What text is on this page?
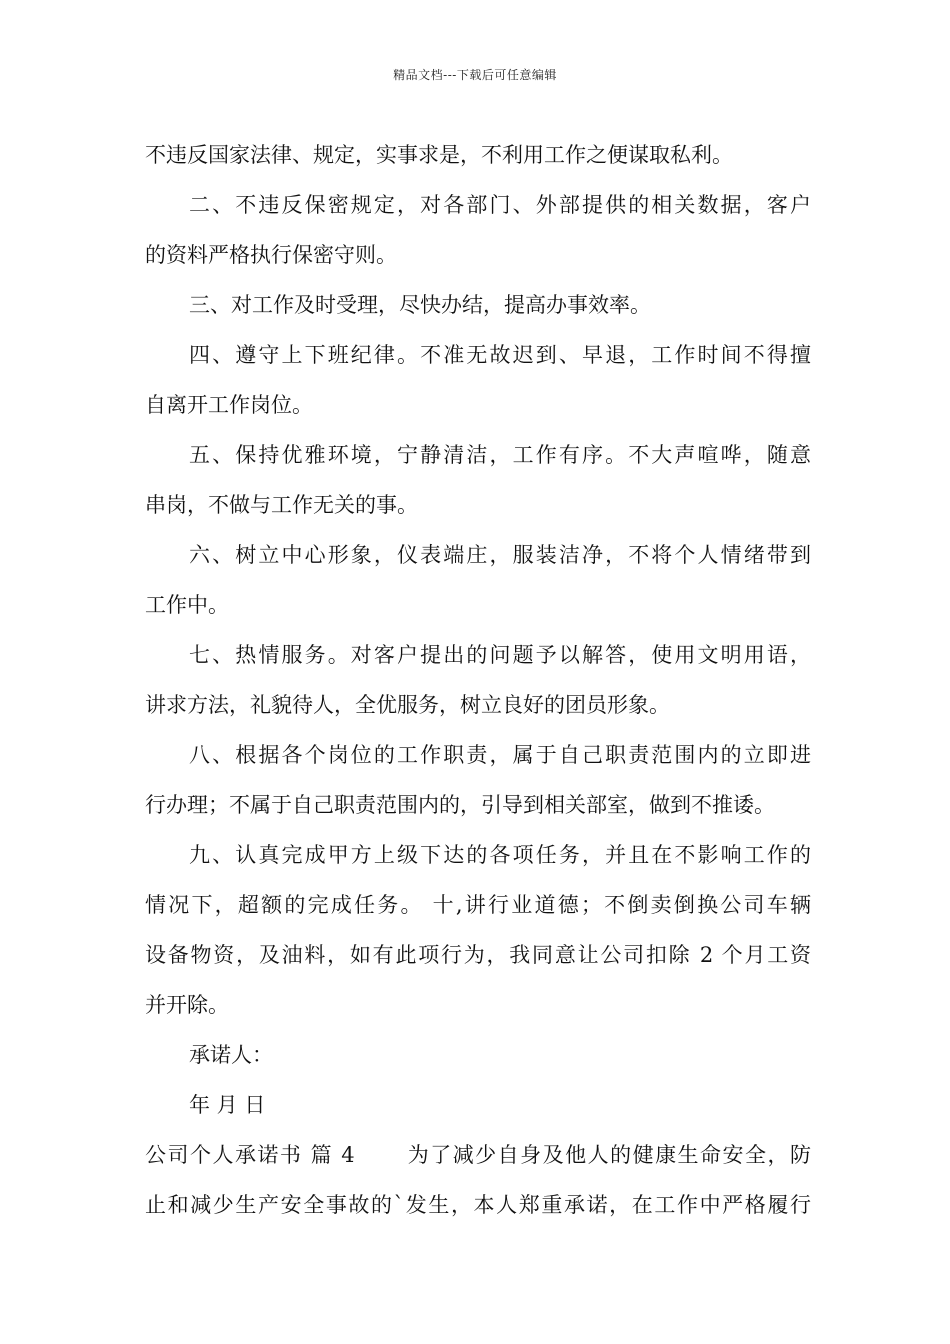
精品文档---下载后可任意编辑
不违反国家法律、规定，实事求是，不利用工作之便谋取私利。
二、不违反保密规定，对各部门、外部提供的相关数据，客户
的资料严格执行保密守则。
三、对工作及时受理，尽快办结，提高办事效率。
四、遵守上下班纪律。不准无故迟到、早退，工作时间不得擅
自离开工作岗位。
五、保持优雅环境，宁静清洁，工作有序。不大声喧哗，随意
串岗，不做与工作无关的事。
六、树立中心形象，仪表端庄，服装洁净，不将个人情绪带到
工作中。
七、热情服务。对客户提出的问题予以解答，使用文明用语，
讲求方法，礼貌待人，全优服务，树立良好的团员形象。
八、根据各个岗位的工作职责，属于自己职责范围内的立即进
行办理；不属于自己职责范围内的，引导到相关部室，做到不推诿。
九、认真完成甲方上级下达的各项任务，并且在不影响工作的
情况下，超额的完成任务。 十,讲行业道德；不倒卖倒换公司车辆
设备物资，及油料，如有此项行为，我同意让公司扣除 2 个月工资
并开除。
承诺人：
年 月 日
公司个人承诺书 篇 4 　　为了减少自身及他人的健康生命安全，防
止和减少生产安全事故的`发生，本人郑重承诺，在工作中严格履行
